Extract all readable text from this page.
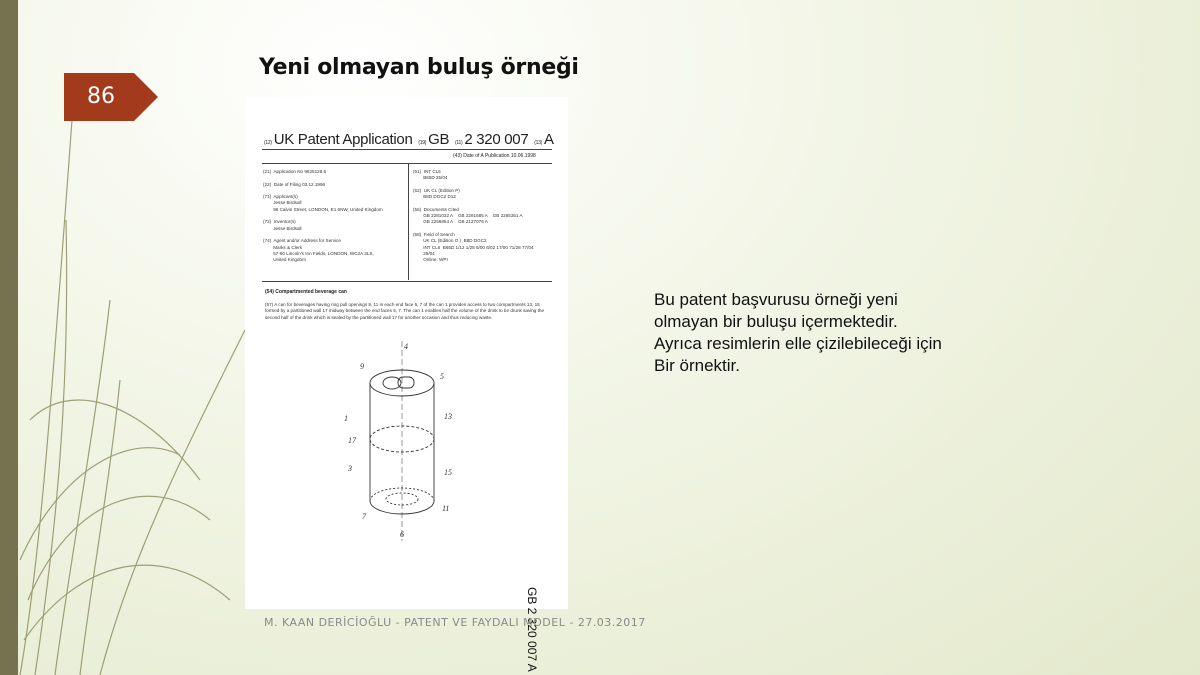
86
Yeni olmayan buluş örneği
(12) UK Patent Application (19) GB (11) 2 320 007 (13) A
(43) Date of A Publication 10.06.1998
(21)  Application No 9625128.5

(22)  Date of Filing 03.12.1996

(71)  Applicant(s)
Jesse Birdsall
96 Calvin Street, LONDON, E1 6NW, United Kingdom

(72)  Inventor(s)
Jesse Birdsall

(74)  Agent and/or Address for Service
Marks & Clerk
57-60 Lincoln's Inn Fields, LONDON, WC2A 3LS,
United Kingdom
(51)  INT CL6
B65D 25/04

(52)  UK CL (Edition P)
B8D DGC2 D12

(56)  Documents Cited
GB 2281032 A    GB 2281685 A    GB 2265351 A
GB 2256854 A    GB 2127076 A

(58)  Field of Search
UK CL (Edition O )  B8D DGC2
INT CL6  B65D 1/12 1/28 6/00 6/02 17/00 71/28 77/04
25/04
Online: WPI
(54) Compartmented beverage can
(57) A can for beverages having ring pull openings 9, 11 in each end face 5, 7 of the can 1 provides access to two compartments 13, 15 formed by a partitioned wall 17 midway between the end faces 5, 7. The can 1 enables half the volume of the drink to be drunk saving the second half of the drink which is sealed by the partitioned wall 17 for another occasion and thus reducing waste.
4
9
5
1	13
17
3	15
11
7
6
GB 2 320 007 A
Bu patent başvurusu örneği yeni
olmayan bir buluşu içermektedir.
Ayrıca resimlerin elle çizilebileceği için
Bir örnektir.
M. KAAN DERİCİOĞLU - PATENT VE FAYDALI MODEL - 27.03.2017
